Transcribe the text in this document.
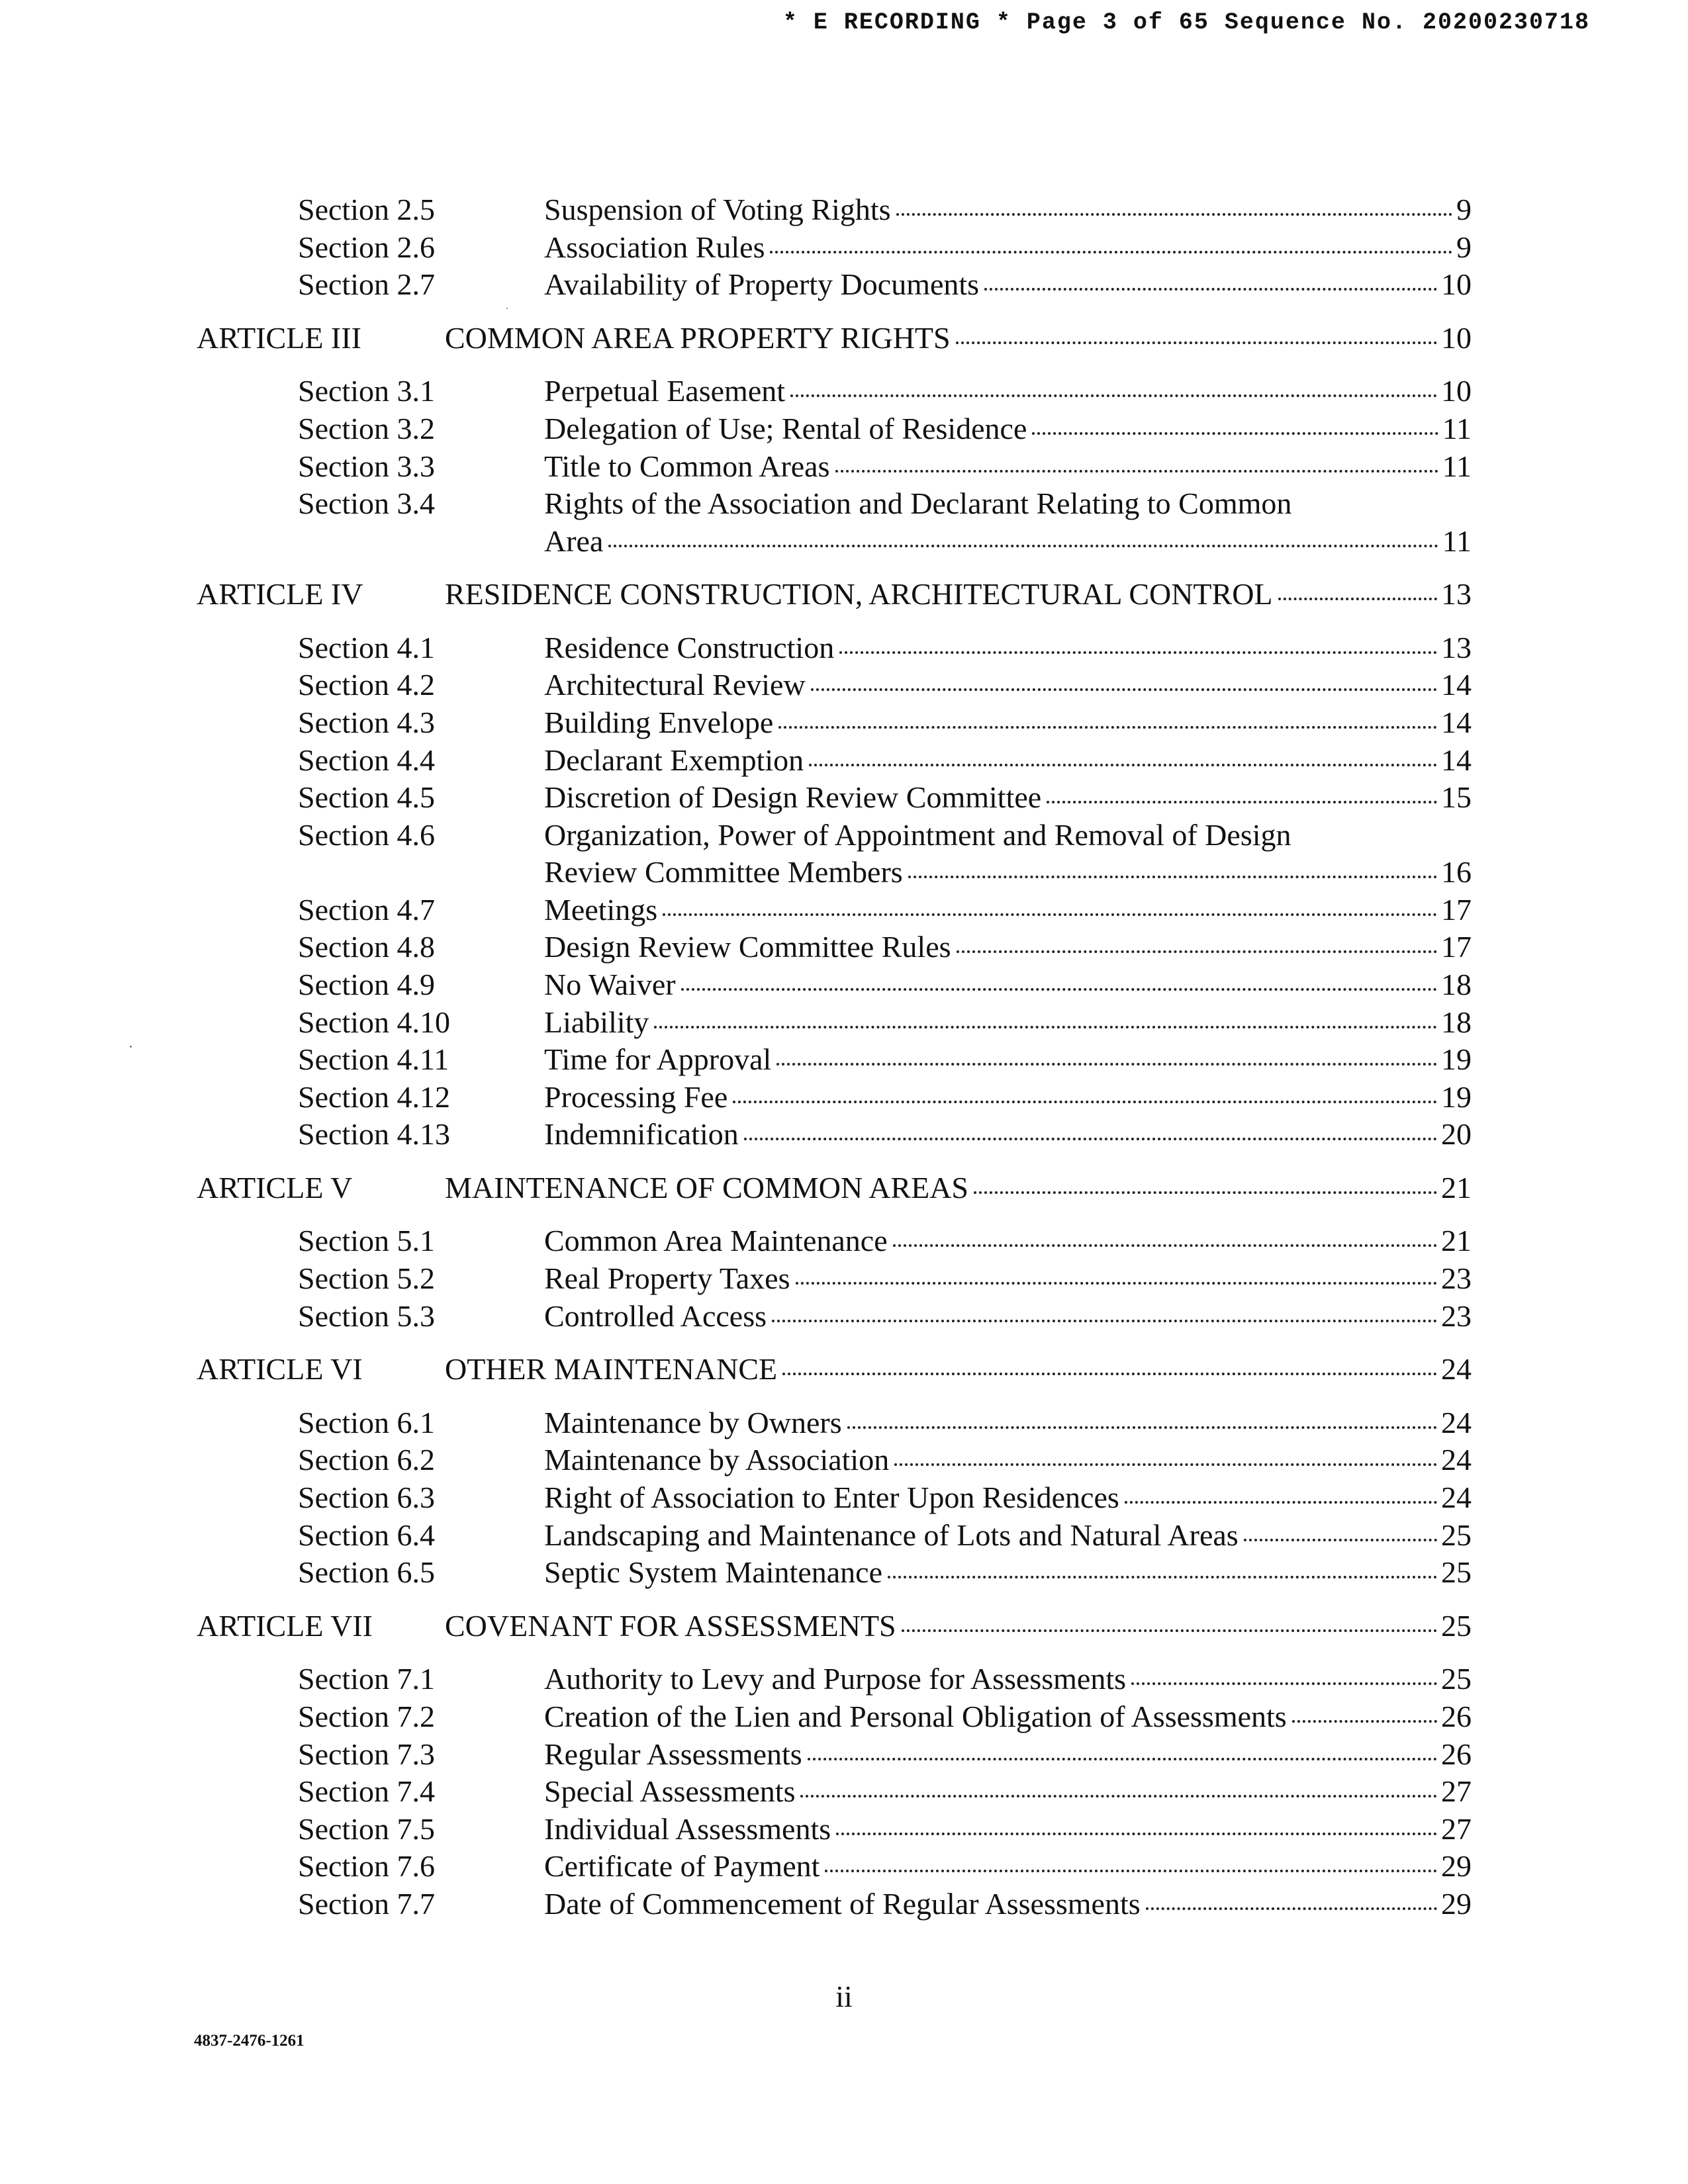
* E RECORDING * Page 3 of 65 Sequence No. 20200230718
Section 2.5	Suspension of Voting Rights	9
Section 2.6	Association Rules	9
Section 2.7	Availability of Property Documents	10
ARTICLE III	COMMON AREA PROPERTY RIGHTS	10
Section 3.1	Perpetual Easement	10
Section 3.2	Delegation of Use; Rental of Residence	11
Section 3.3	Title to Common Areas	11
Section 3.4	Rights of the Association and Declarant Relating to Common
Area	11
ARTICLE IV	RESIDENCE CONSTRUCTION, ARCHITECTURAL CONTROL	13
Section 4.1	Residence Construction	13
Section 4.2	Architectural Review	14
Section 4.3	Building Envelope	14
Section 4.4	Declarant Exemption	14
Section 4.5	Discretion of Design Review Committee	15
Section 4.6	Organization, Power of Appointment and Removal of Design
Review Committee Members	16
Section 4.7	Meetings	17
Section 4.8	Design Review Committee Rules	17
Section 4.9	No Waiver	18
Section 4.10	Liability	18
Section 4.11	Time for Approval	19
Section 4.12	Processing Fee	19
Section 4.13	Indemnification	20
ARTICLE V	MAINTENANCE OF COMMON AREAS	21
Section 5.1	Common Area Maintenance	21
Section 5.2	Real Property Taxes	23
Section 5.3	Controlled Access	23
ARTICLE VI	OTHER MAINTENANCE	24
Section 6.1	Maintenance by Owners	24
Section 6.2	Maintenance by Association	24
Section 6.3	Right of Association to Enter Upon Residences	24
Section 6.4	Landscaping and Maintenance of Lots and Natural Areas	25
Section 6.5	Septic System Maintenance	25
ARTICLE VII COVENANT FOR ASSESSMENTS	25
Section 7.1	Authority to Levy and Purpose for Assessments	25
Section 7.2	Creation of the Lien and Personal Obligation of Assessments	26
Section 7.3	Regular Assessments	26
Section 7.4	Special Assessments	27
Section 7.5	Individual Assessments	27
Section 7.6	Certificate of Payment	29
Section 7.7	Date of Commencement of Regular Assessments	29
ii
4837-2476-1261
